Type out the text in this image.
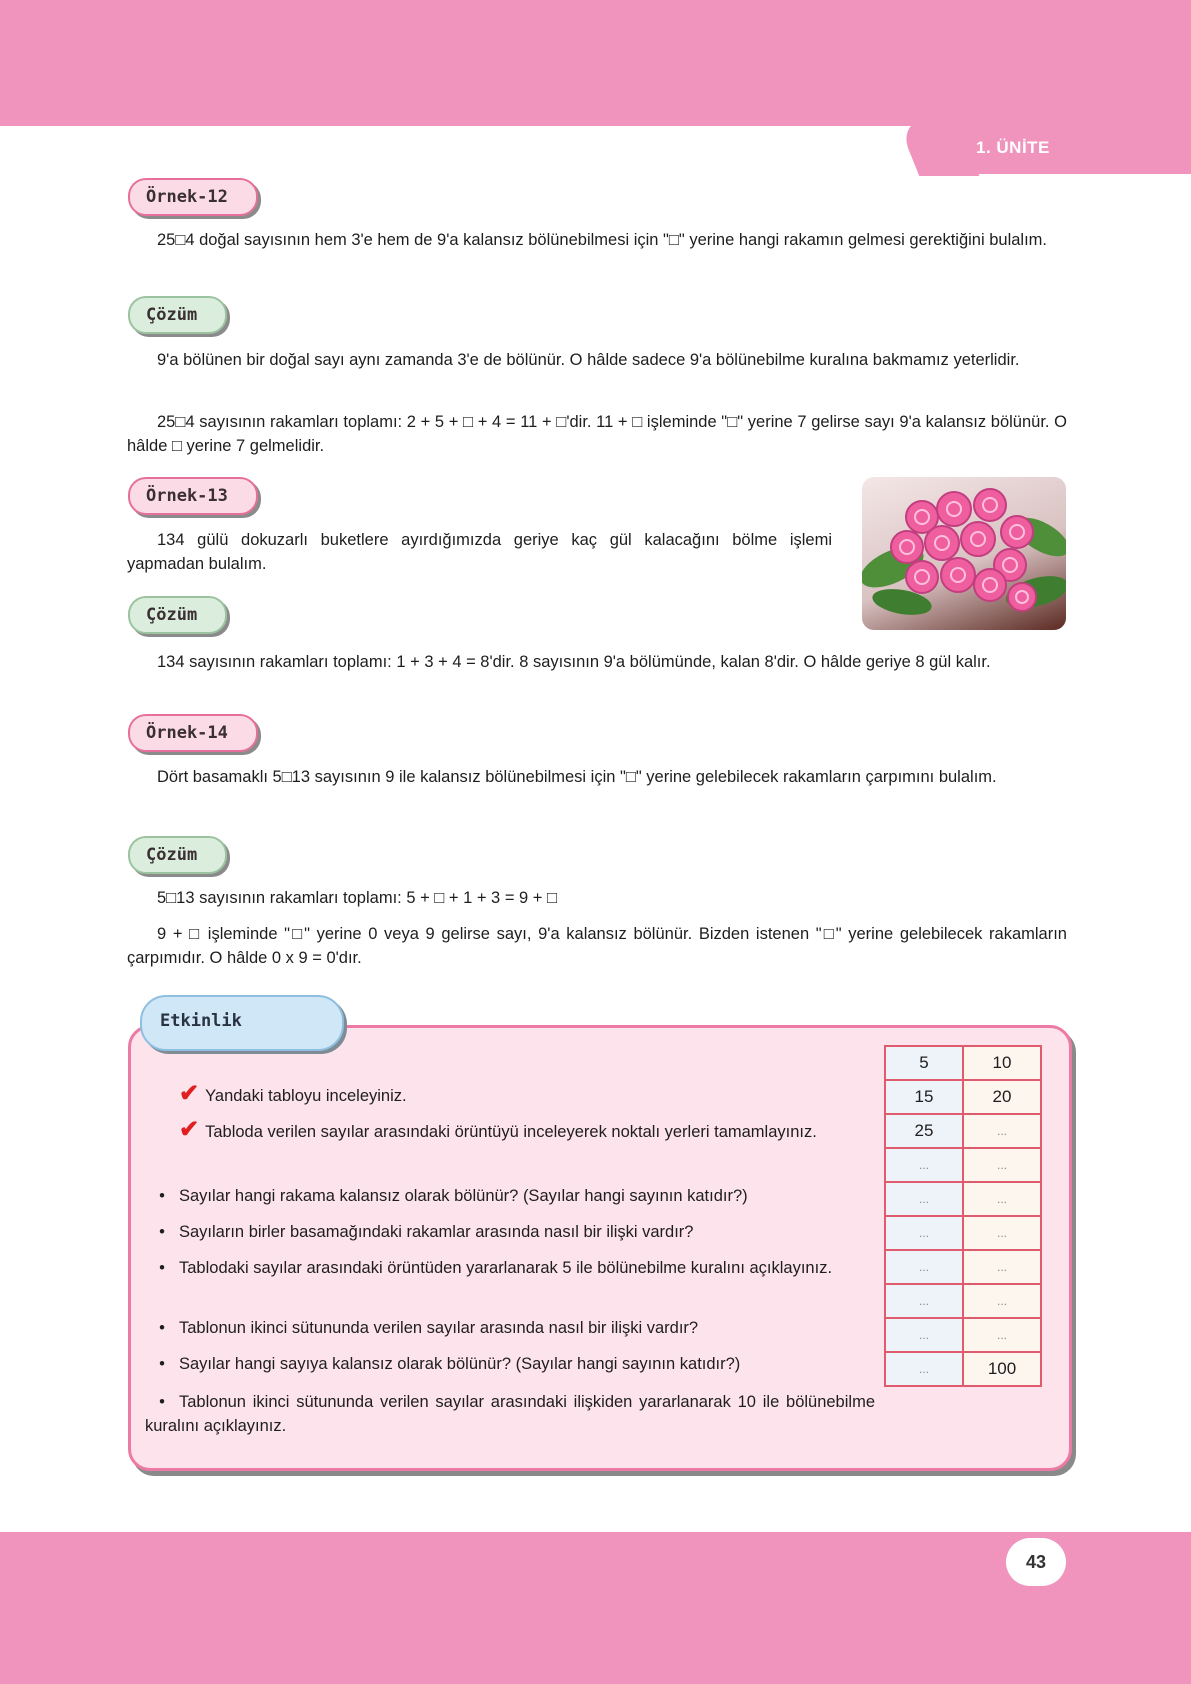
1. ÜNİTE
Örnek-12

25□4 doğal sayısının hem 3'e hem de 9'a kalansız bölünebilmesi için "□" yerine hangi rakamın gelmesi gerektiğini bulalım.

Çözüm

9'a bölünen bir doğal sayı aynı zamanda 3'e de bölünür. O hâlde sadece 9'a bölünebilme kuralına bakmamız yeterlidir.

25□4 sayısının rakamları toplamı: 2 + 5 + □ + 4 = 11 + □'dir. 11 + □ işleminde "□" yerine 7 gelirse sayı 9'a kalansız bölünür. O hâlde □ yerine 7 gelmelidir.

Örnek-13

134 gülü dokuzarlı buketlere ayırdığımızda geriye kaç gül kalacağını bölme işlemi yapmadan bulalım.

Çözüm

134 sayısının rakamları toplamı: 1 + 3 + 4 = 8'dir. 8 sayısının 9'a bölümünde, kalan 8'dir. O hâlde geriye 8 gül kalır.

Örnek-14

Dört basamaklı 5□13 sayısının 9 ile kalansız bölünebilmesi için "□" yerine gelebilecek rakamların çarpımını bulalım.

Çözüm

5□13 sayısının rakamları toplamı: 5 + □ + 1 + 3 = 9 + □

9 + □ işleminde "□" yerine 0 veya 9 gelirse sayı, 9'a kalansız bölünür. Bizden istenen "□" yerine gelebilecek rakamların çarpımıdır. O hâlde 0 x 9 = 0'dır.

Etkinlik

✔ Yandaki tabloyu inceleyiniz.

✔ Tabloda verilen sayılar arasındaki örüntüyü inceleyerek noktalı yerleri tamamlayınız.

• Sayılar hangi rakama kalansız olarak bölünür? (Sayılar hangi sayının katıdır?)

• Sayıların birler basamağındaki rakamlar arasında nasıl bir ilişki vardır?

• Tablodaki sayılar arasındaki örüntüden yararlanarak 5 ile bölünebilme kuralını açıklayınız.

• Tablonun ikinci sütununda verilen sayılar arasında nasıl bir ilişki vardır?

• Sayılar hangi sayıya kalansız olarak bölünür? (Sayılar hangi sayının katıdır?)

• Tablonun ikinci sütununda verilen sayılar arasındaki ilişkiden yararlanarak 10 ile bölünebilme kuralını açıklayınız.

5	10
15	20
25	...
...	...
...	...
...	...
...	...
...	...
...	...
...	100
43
